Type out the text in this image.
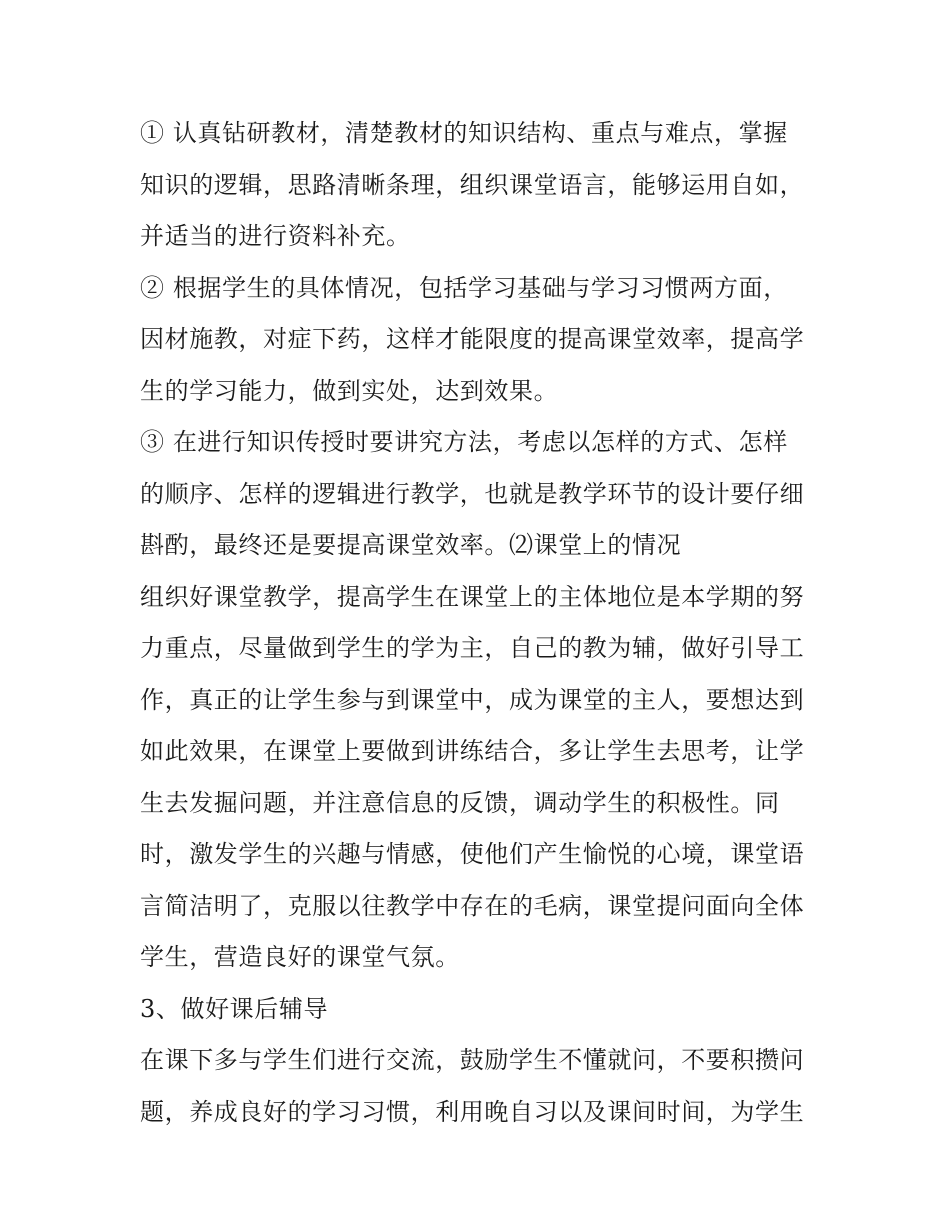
① 认真钻研教材，清楚教材的知识结构、重点与难点，掌握
知识的逻辑，思路清晰条理，组织课堂语言，能够运用自如，
并适当的进行资料补充。

② 根据学生的具体情况，包括学习基础与学习习惯两方面，
因材施教，对症下药，这样才能限度的提高课堂效率，提高学
生的学习能力，做到实处，达到效果。

③ 在进行知识传授时要讲究方法，考虑以怎样的方式、怎样
的顺序、怎样的逻辑进行教学，也就是教学环节的设计要仔细
斟酌，最终还是要提高课堂效率。⑵课堂上的情况

组织好课堂教学，提高学生在课堂上的主体地位是本学期的努
力重点，尽量做到学生的学为主，自己的教为辅，做好引导工
作，真正的让学生参与到课堂中，成为课堂的主人，要想达到
如此效果，在课堂上要做到讲练结合，多让学生去思考，让学
生去发掘问题，并注意信息的反馈，调动学生的积极性。同
时，激发学生的兴趣与情感，使他们产生愉悦的心境，课堂语
言简洁明了，克服以往教学中存在的毛病，课堂提问面向全体
学生，营造良好的课堂气氛。

3、做好课后辅导

在课下多与学生们进行交流，鼓励学生不懂就问，不要积攒问
题，养成良好的学习习惯，利用晚自习以及课间时间，为学生
